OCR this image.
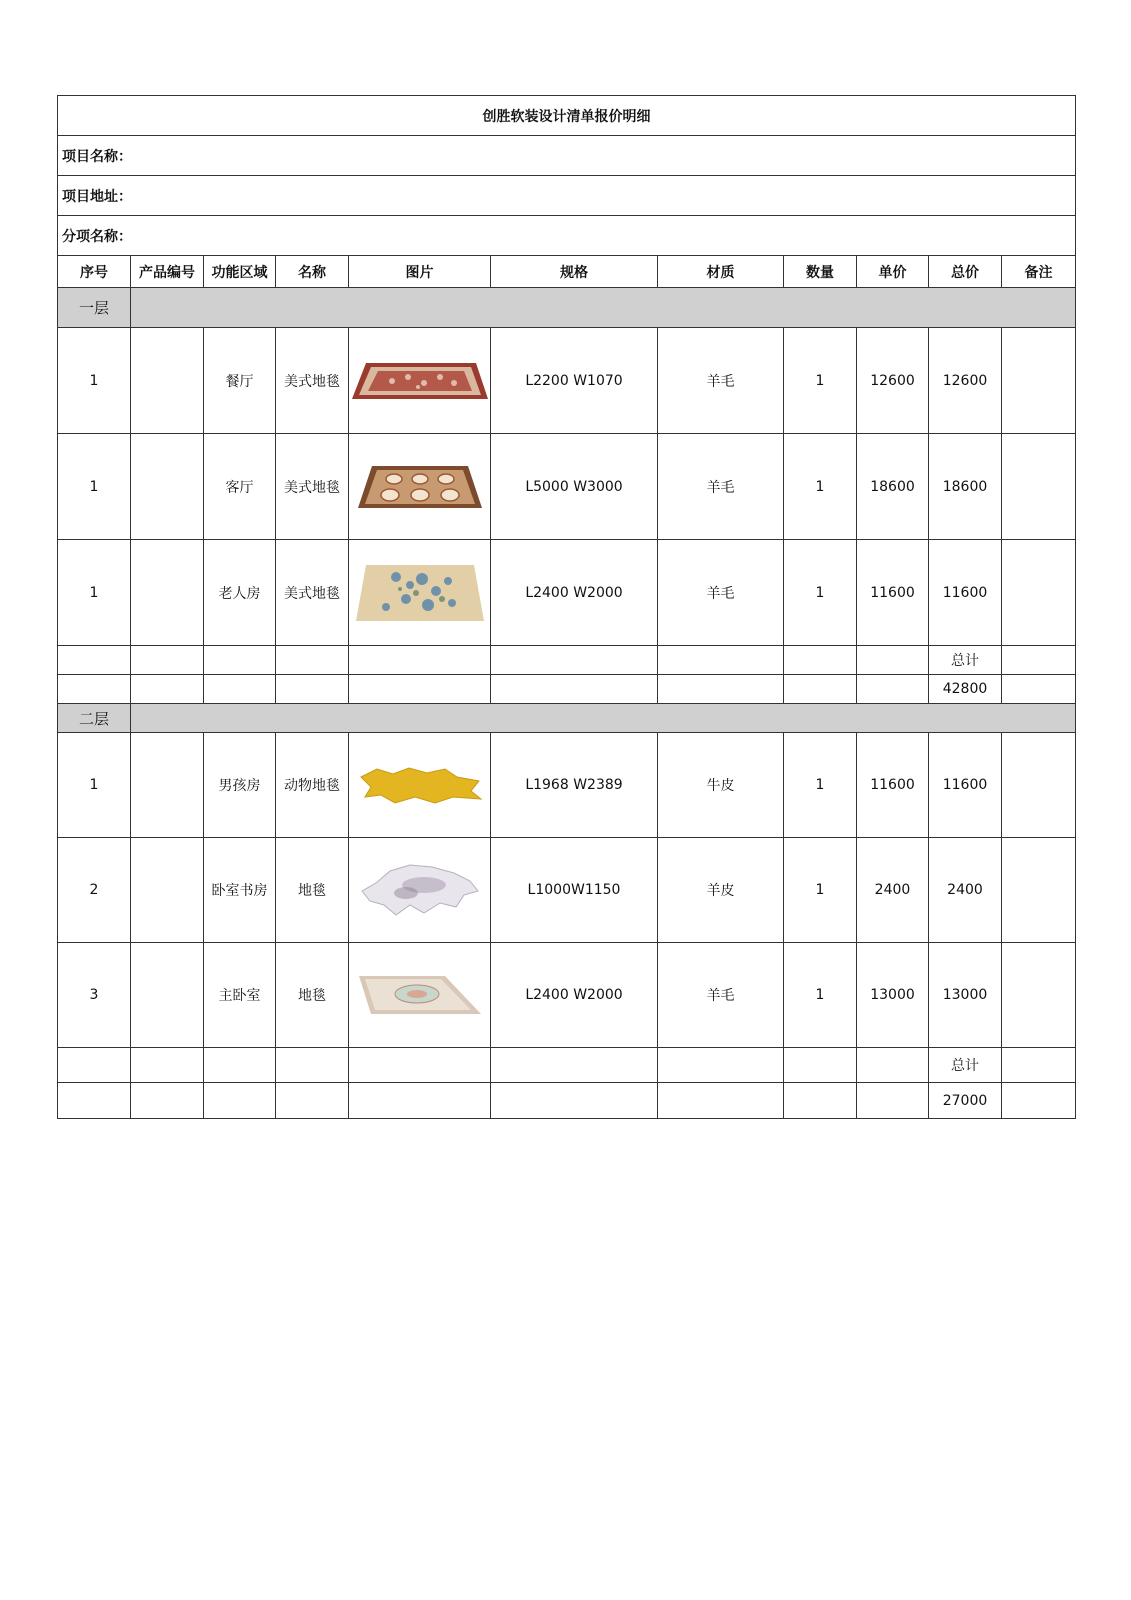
创胜软装设计清单报价明细										
项目名称：										
项目地址：										
分项名称：										
序号	产品编号	功能区域	名称	图片	规格	材质	数量	单价	总价	备注
一层										
1		餐厅	美式地毯		L2200 W1070	羊毛	1	12600	12600	
1		客厅	美式地毯		L5000 W3000	羊毛	1	18600	18600	
1		老人房	美式地毯		L2400 W2000	羊毛	1	11600	11600	
									总计	
									42800	
二层										
1		男孩房	动物地毯		L1968 W2389	牛皮	1	11600	11600	
2		卧室书房	地毯		L1000W1150	羊皮	1	2400	2400	
3		主卧室	地毯		L2400 W2000	羊毛	1	13000	13000	
									总计	
									27000	
